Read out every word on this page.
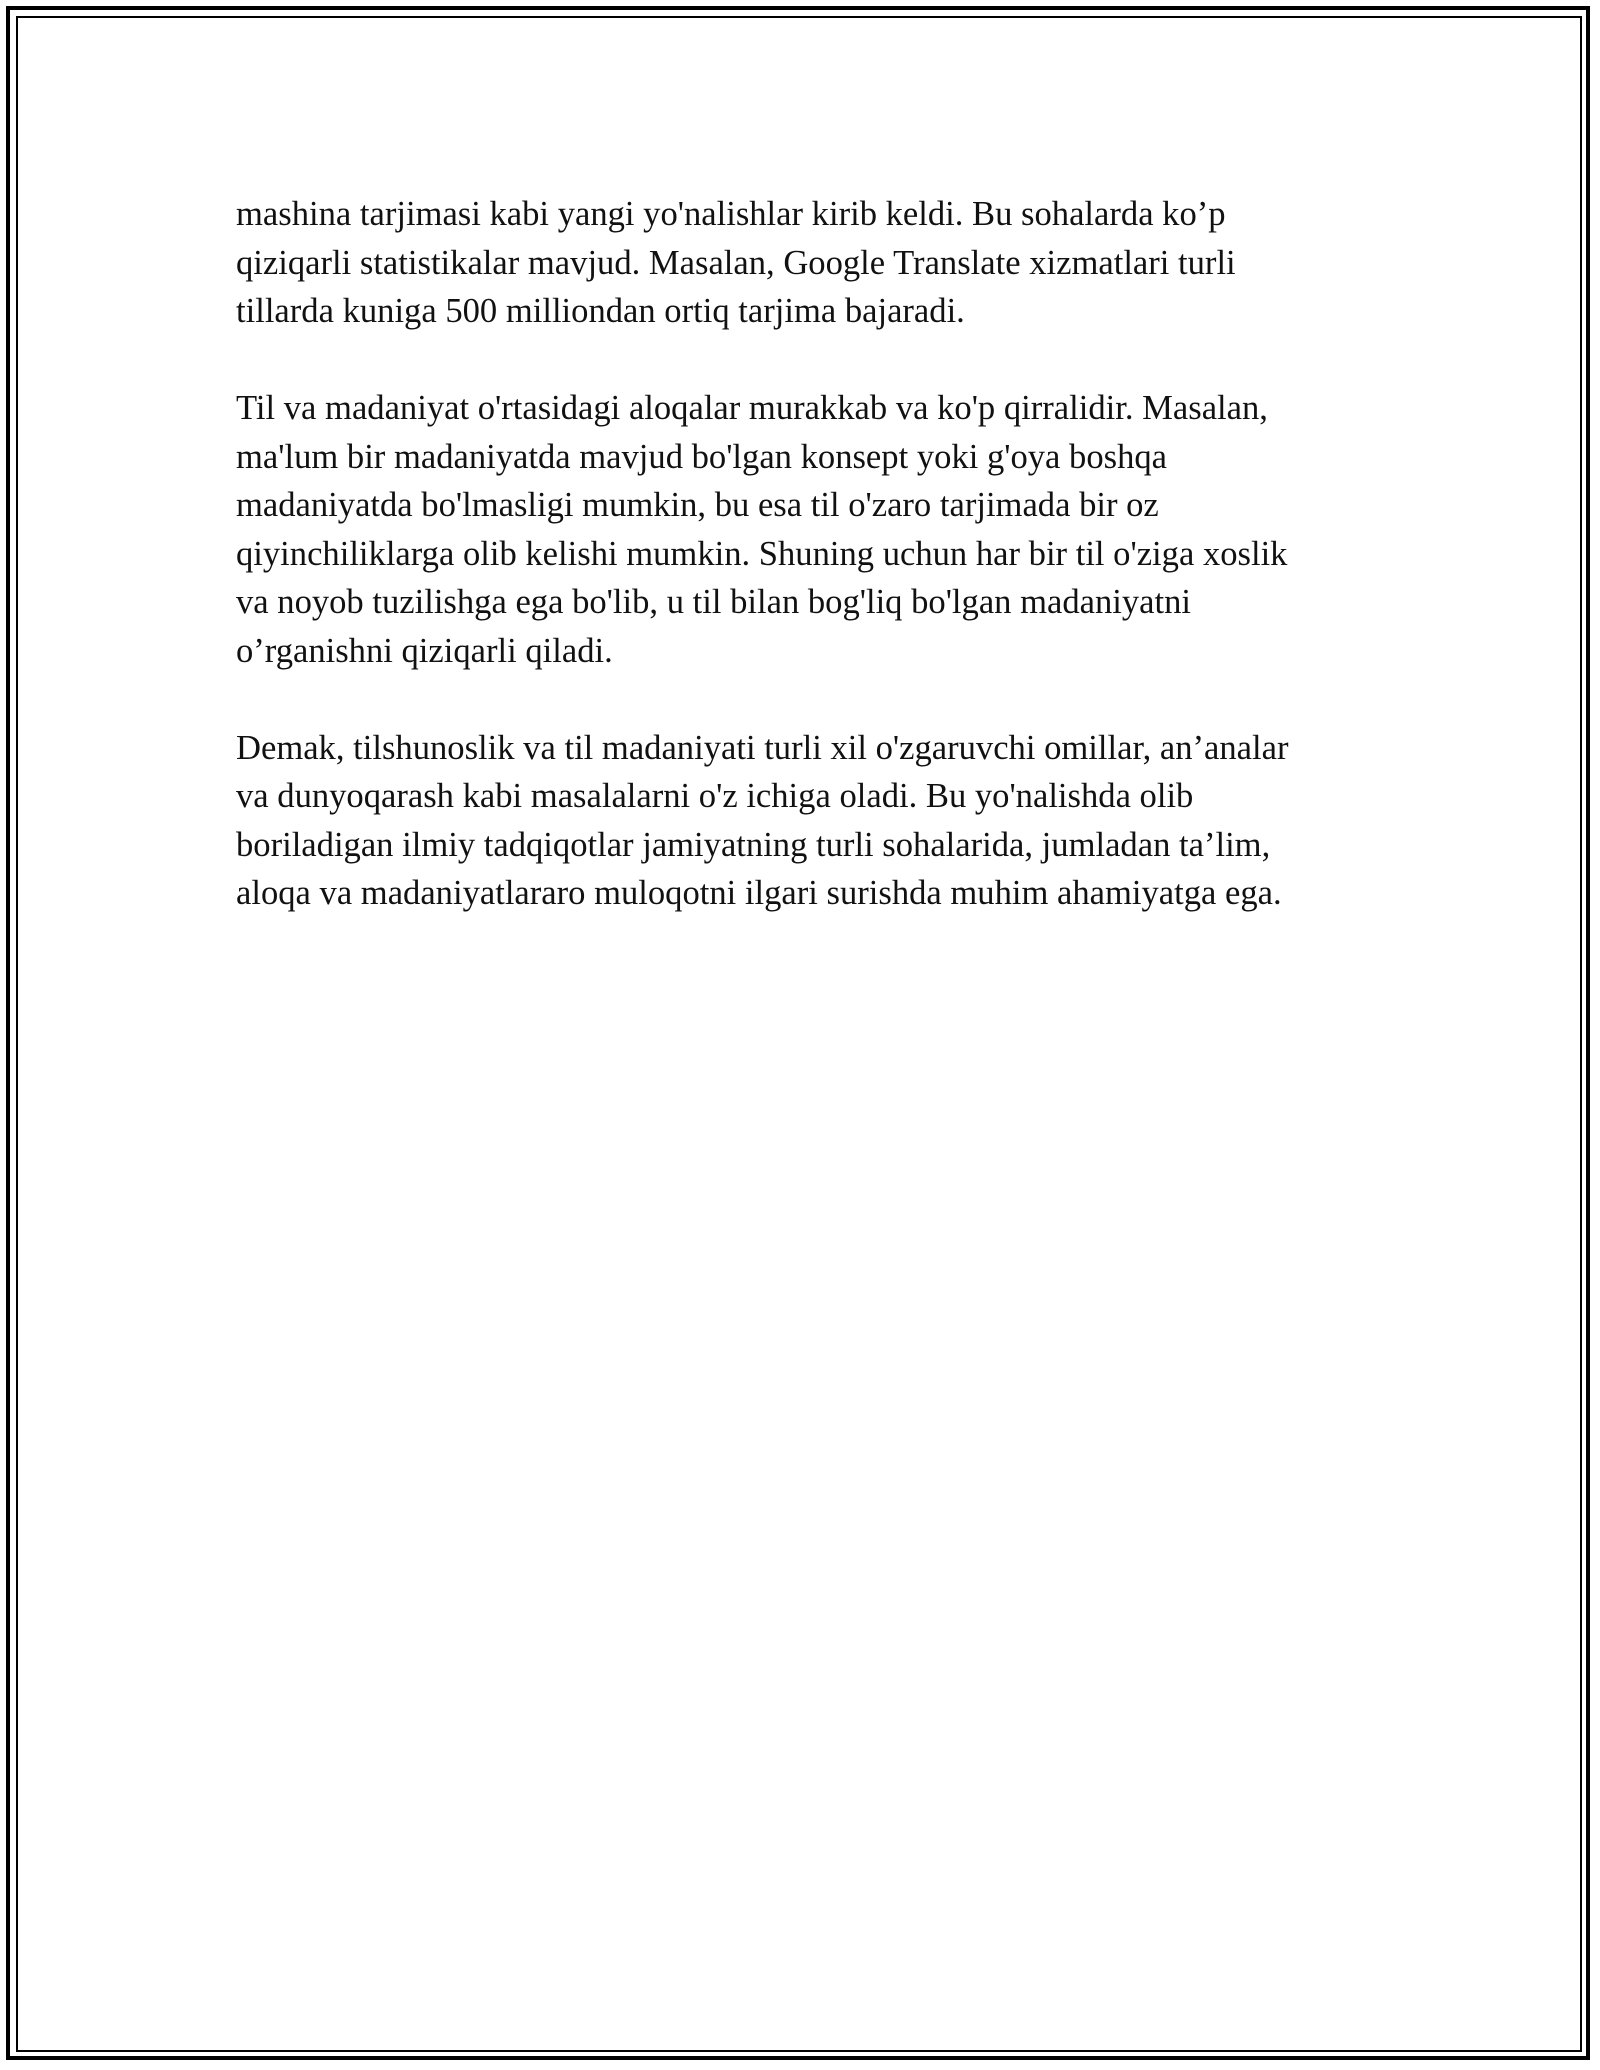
mashina tarjimasi kabi yangi yo'nalishlar kirib keldi. Bu sohalarda ko’p
qiziqarli statistikalar mavjud. Masalan, Google Translate xizmatlari turli
tillarda kuniga 500 milliondan ortiq tarjima bajaradi.

Til va madaniyat o'rtasidagi aloqalar murakkab va ko'p qirralidir. Masalan,
ma'lum bir madaniyatda mavjud bo'lgan konsept yoki g'oya boshqa
madaniyatda bo'lmasligi mumkin, bu esa til o'zaro tarjimada bir oz
qiyinchiliklarga olib kelishi mumkin. Shuning uchun har bir til o'ziga xoslik
va noyob tuzilishga ega bo'lib, u til bilan bog'liq bo'lgan madaniyatni
o’rganishni qiziqarli qiladi.

Demak, tilshunoslik va til madaniyati turli xil o'zgaruvchi omillar, an’analar
va dunyoqarash kabi masalalarni o'z ichiga oladi. Bu yo'nalishda olib
boriladigan ilmiy tadqiqotlar jamiyatning turli sohalarida, jumladan ta’lim,
aloqa va madaniyatlararo muloqotni ilgari surishda muhim ahamiyatga ega.
